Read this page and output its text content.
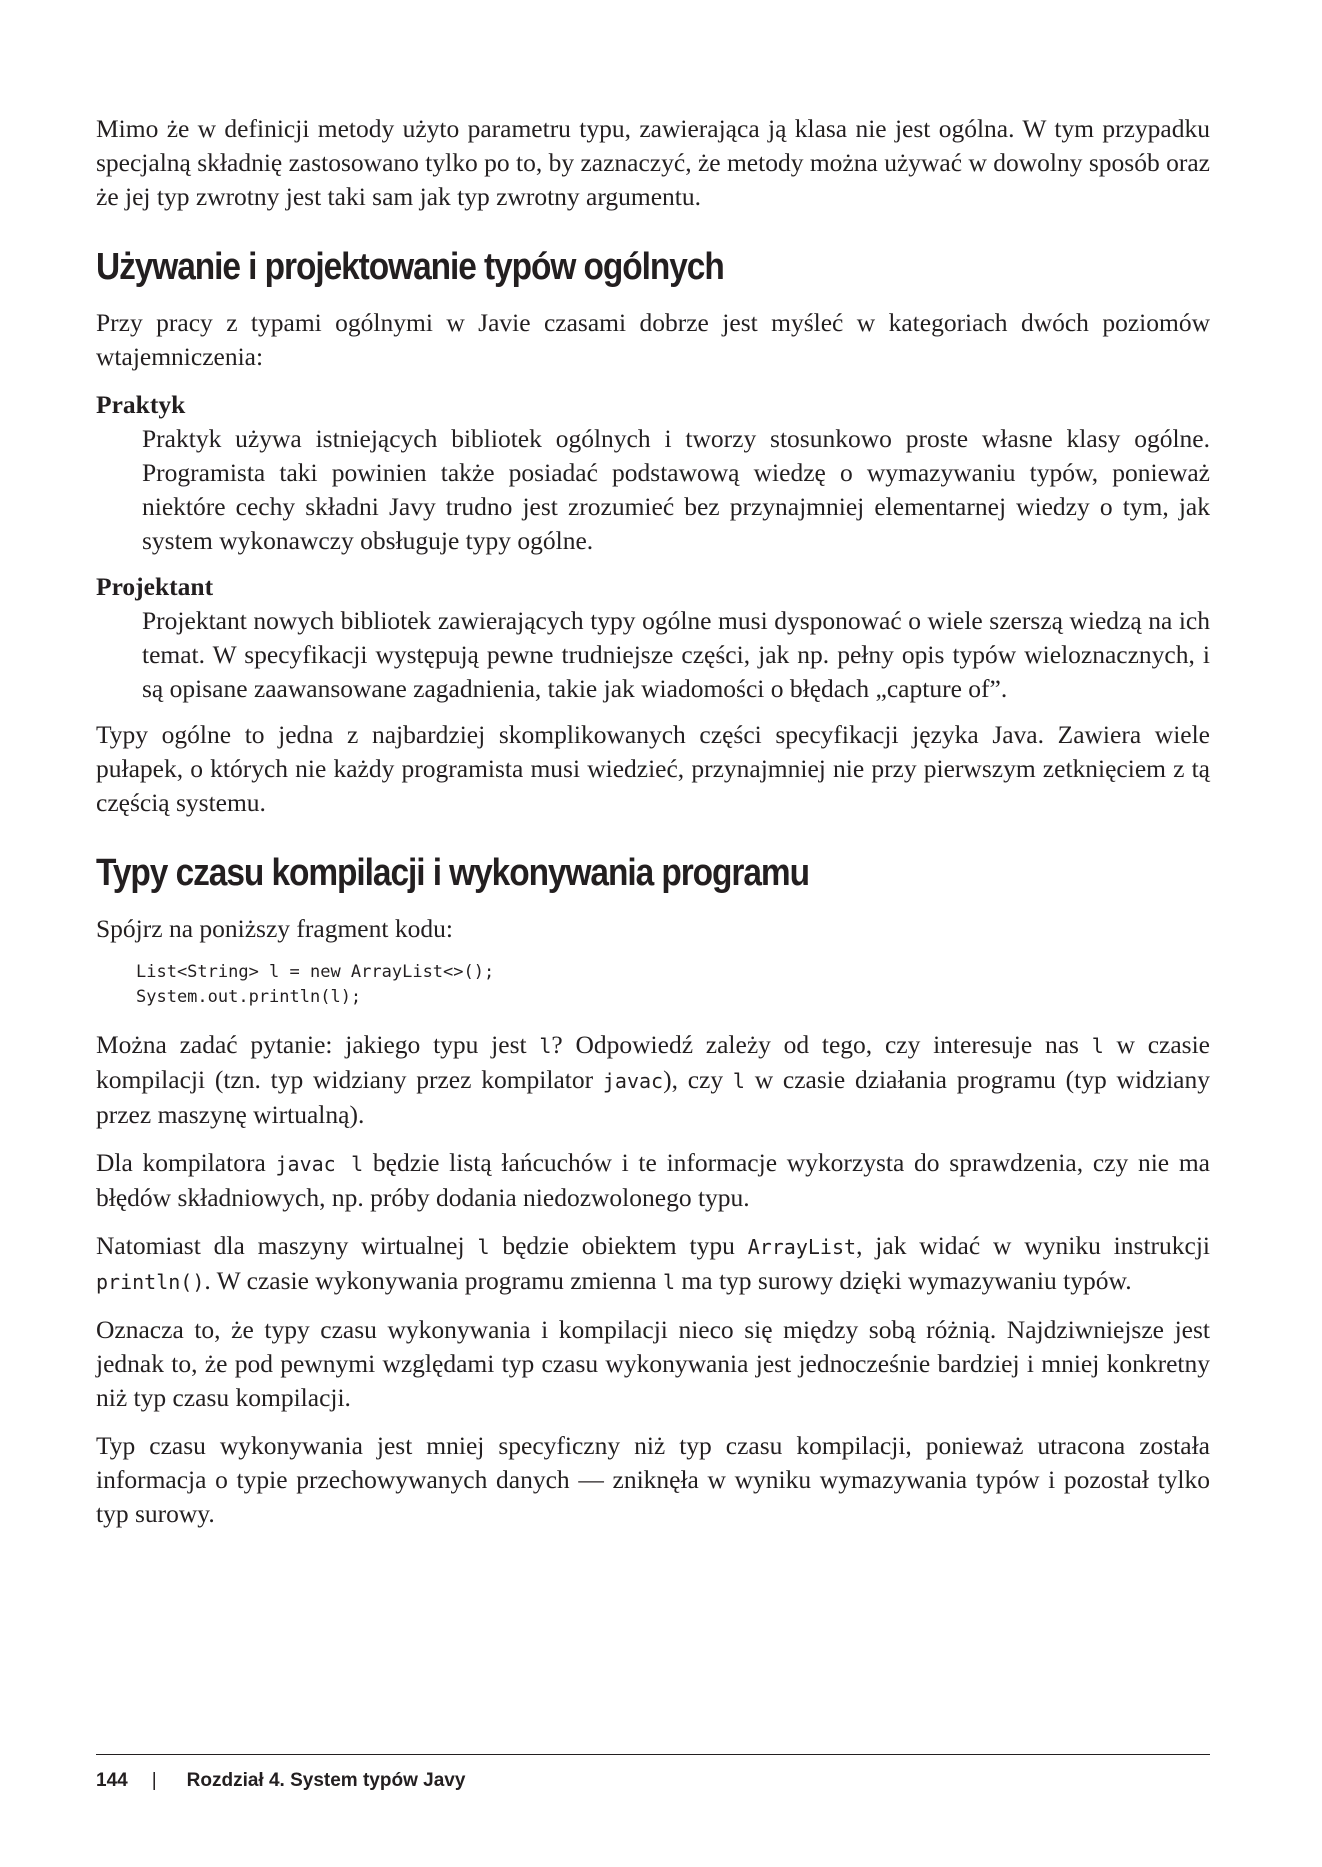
Mimo że w definicji metody użyto parametru typu, zawierająca ją klasa nie jest ogólna. W tym przypadku specjalną składnię zastosowano tylko po to, by zaznaczyć, że metody można używać w dowolny sposób oraz że jej typ zwrotny jest taki sam jak typ zwrotny argumentu.

Używanie i projektowanie typów ogólnych

Przy pracy z typami ogólnymi w Javie czasami dobrze jest myśleć w kategoriach dwóch poziomów wtajemniczenia:

Praktyk
Praktyk używa istniejących bibliotek ogólnych i tworzy stosunkowo proste własne klasy ogólne. Programista taki powinien także posiadać podstawową wiedzę o wymazywaniu typów, ponieważ niektóre cechy składni Javy trudno jest zrozumieć bez przynajmniej elementarnej wiedzy o tym, jak system wykonawczy obsługuje typy ogólne.
Projektant
Projektant nowych bibliotek zawierających typy ogólne musi dysponować o wiele szerszą wiedzą na ich temat. W specyfikacji występują pewne trudniejsze części, jak np. pełny opis typów wieloznacznych, i są opisane zaawansowane zagadnienia, takie jak wiadomości o błędach „capture of”.

Typy ogólne to jedna z najbardziej skomplikowanych części specyfikacji języka Java. Zawiera wiele pułapek, o których nie każdy programista musi wiedzieć, przynajmniej nie przy pierwszym zetknięciem z tą częścią systemu.

Typy czasu kompilacji i wykonywania programu

Spójrz na poniższy fragment kodu:

List<String> l = new ArrayList<>();
System.out.println(l);

Można zadać pytanie: jakiego typu jest l? Odpowiedź zależy od tego, czy interesuje nas l w czasie kompilacji (tzn. typ widziany przez kompilator javac), czy l w czasie działania programu (typ widziany przez maszynę wirtualną).

Dla kompilatora javac l będzie listą łańcuchów i te informacje wykorzysta do sprawdzenia, czy nie ma błędów składniowych, np. próby dodania niedozwolonego typu.

Natomiast dla maszyny wirtualnej l będzie obiektem typu ArrayList, jak widać w wyniku instrukcji println(). W czasie wykonywania programu zmienna l ma typ surowy dzięki wymazywaniu typów.

Oznacza to, że typy czasu wykonywania i kompilacji nieco się między sobą różnią. Najdziwniejsze jest jednak to, że pod pewnymi względami typ czasu wykonywania jest jednocześnie bardziej i mniej konkretny niż typ czasu kompilacji.

Typ czasu wykonywania jest mniej specyficzny niż typ czasu kompilacji, ponieważ utracona została informacja o typie przechowywanych danych — zniknęła w wyniku wymazywania typów i pozostał tylko typ surowy.

144 | Rozdział 4. System typów Javy
